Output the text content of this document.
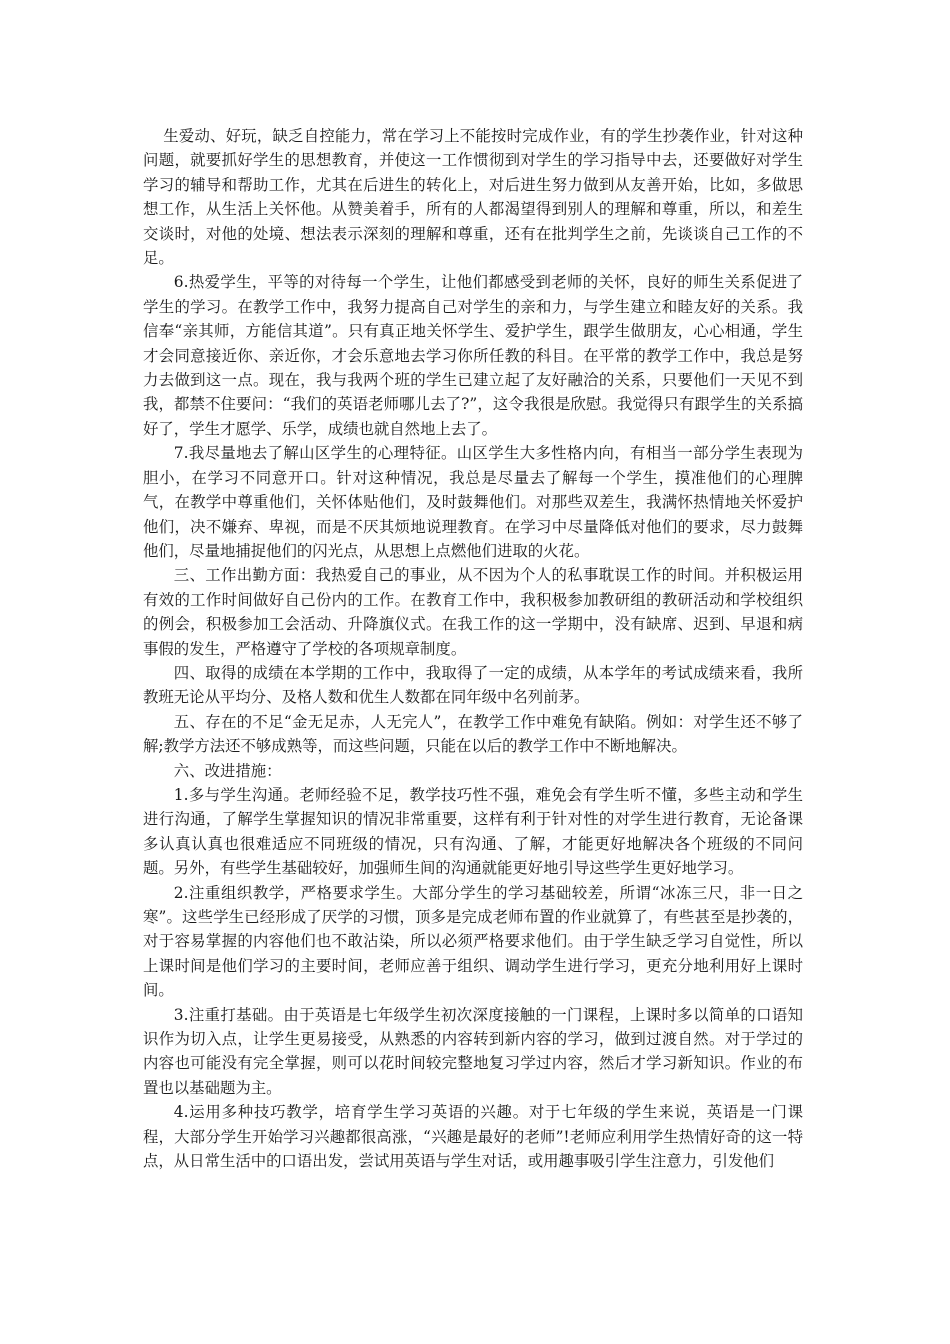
生爱动、好玩，缺乏自控能力，常在学习上不能按时完成作业，有的学生抄袭作业，针对这种问题，就要抓好学生的思想教育，并使这一工作惯彻到对学生的学习指导中去，还要做好对学生学习的辅导和帮助工作，尤其在后进生的转化上，对后进生努力做到从友善开始，比如，多做思想工作，从生活上关怀他。从赞美着手，所有的人都渴望得到别人的理解和尊重，所以，和差生交谈时，对他的处境、想法表示深刻的理解和尊重，还有在批判学生之前，先谈谈自己工作的不足。

6.热爱学生，平等的对待每一个学生，让他们都感受到老师的关怀，良好的师生关系促进了学生的学习。在教学工作中，我努力提高自己对学生的亲和力，与学生建立和睦友好的关系。我信奉“亲其师，方能信其道”。只有真正地关怀学生、爱护学生，跟学生做朋友，心心相通，学生才会同意接近你、亲近你，才会乐意地去学习你所任教的科目。在平常的教学工作中，我总是努力去做到这一点。现在，我与我两个班的学生已建立起了友好融洽的关系，只要他们一天见不到我，都禁不住要问：“我们的英语老师哪儿去了?”，这令我很是欣慰。我觉得只有跟学生的关系搞好了，学生才愿学、乐学，成绩也就自然地上去了。

7.我尽量地去了解山区学生的心理特征。山区学生大多性格内向，有相当一部分学生表现为胆小，在学习不同意开口。针对这种情况，我总是尽量去了解每一个学生，摸准他们的心理脾气，在教学中尊重他们，关怀体贴他们，及时鼓舞他们。对那些双差生，我满怀热情地关怀爱护他们，决不嫌弃、卑视，而是不厌其烦地说理教育。在学习中尽量降低对他们的要求，尽力鼓舞他们，尽量地捕捉他们的闪光点，从思想上点燃他们进取的火花。

三、工作出勤方面：我热爱自己的事业，从不因为个人的私事耽误工作的时间。并积极运用有效的工作时间做好自己份内的工作。在教育工作中，我积极参加教研组的教研活动和学校组织的例会，积极参加工会活动、升降旗仪式。在我工作的这一学期中，没有缺席、迟到、早退和病事假的发生，严格遵守了学校的各项规章制度。

四、取得的成绩在本学期的工作中，我取得了一定的成绩，从本学年的考试成绩来看，我所教班无论从平均分、及格人数和优生人数都在同年级中名列前茅。

五、存在的不足“金无足赤，人无完人”，在教学工作中难免有缺陷。例如：对学生还不够了解;教学方法还不够成熟等，而这些问题，只能在以后的教学工作中不断地解决。

六、改进措施：

1.多与学生沟通。老师经验不足，教学技巧性不强，难免会有学生听不懂，多些主动和学生进行沟通，了解学生掌握知识的情况非常重要，这样有利于针对性的对学生进行教育，无论备课多认真认真也很难适应不同班级的情况，只有沟通、了解，才能更好地解决各个班级的不同问题。另外，有些学生基础较好，加强师生间的沟通就能更好地引导这些学生更好地学习。

2.注重组织教学，严格要求学生。大部分学生的学习基础较差，所谓“冰冻三尺，非一日之寒”。这些学生已经形成了厌学的习惯，顶多是完成老师布置的作业就算了，有些甚至是抄袭的，对于容易掌握的内容他们也不敢沾染，所以必须严格要求他们。由于学生缺乏学习自觉性，所以上课时间是他们学习的主要时间，老师应善于组织、调动学生进行学习，更充分地利用好上课时间。

3.注重打基础。由于英语是七年级学生初次深度接触的一门课程，上课时多以简单的口语知识作为切入点，让学生更易接受，从熟悉的内容转到新内容的学习，做到过渡自然。对于学过的内容也可能没有完全掌握，则可以花时间较完整地复习学过内容，然后才学习新知识。作业的布置也以基础题为主。

4.运用多种技巧教学，培育学生学习英语的兴趣。对于七年级的学生来说，英语是一门课程，大部分学生开始学习兴趣都很高涨，“兴趣是最好的老师”!老师应利用学生热情好奇的这一特点，从日常生活中的口语出发，尝试用英语与学生对话，或用趣事吸引学生注意力，引发他们
